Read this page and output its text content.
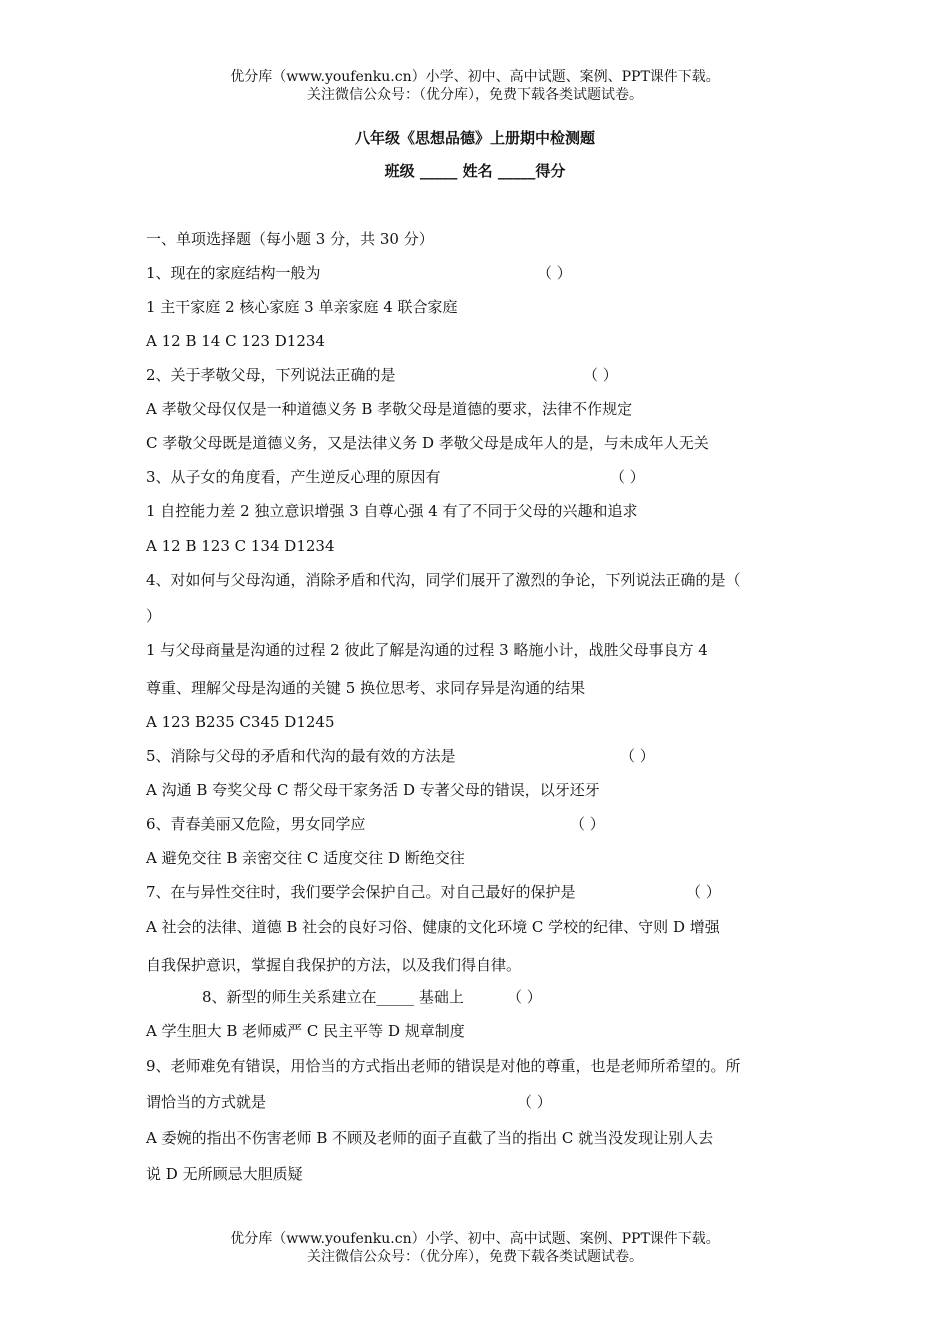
优分库（www.youfenku.cn）小学、初中、高中试题、案例、PPT课件下载。
关注微信公众号：（优分库），免费下载各类试题试卷。
八年级《思想品德》上册期中检测题
班级 _____ 姓名 _____得分
一、单项选择题（每小题 3 分，共 30 分）
1、现在的家庭结构一般为	（ ）
1 主干家庭 2 核心家庭 3 单亲家庭 4 联合家庭
A 12 B 14 C 123 D1234
2、关于孝敬父母，下列说法正确的是	（ ）
A 孝敬父母仅仅是一种道德义务 B 孝敬父母是道德的要求，法律不作规定
C 孝敬父母既是道德义务，又是法律义务 D 孝敬父母是成年人的是，与未成年人无关
3、从子女的角度看，产生逆反心理的原因有	（ ）
1 自控能力差 2 独立意识增强 3 自尊心强 4 有了不同于父母的兴趣和追求
A 12 B 123 C 134 D1234
4、对如何与父母沟通，消除矛盾和代沟，同学们展开了激烈的争论，下列说法正确的是（
）
1 与父母商量是沟通的过程 2 彼此了解是沟通的过程 3 略施小计，战胜父母事良方 4
尊重、理解父母是沟通的关键 5 换位思考、求同存异是沟通的结果
A 123 B235 C345 D1245
5、消除与父母的矛盾和代沟的最有效的方法是	（ ）
A 沟通 B 夸奖父母 C 帮父母干家务活 D 专著父母的错误，以牙还牙
6、青春美丽又危险，男女同学应	（ ）
A 避免交往 B 亲密交往 C 适度交往 D 断绝交往
7、在与异性交往时，我们要学会保护自己。对自己最好的保护是	（ ）
A 社会的法律、道德 B 社会的良好习俗、健康的文化环境 C 学校的纪律、守则 D 增强
自我保护意识，掌握自我保护的方法，以及我们得自律。
8、新型的师生关系建立在_____ 基础上	（ ）
A 学生胆大 B 老师威严 C 民主平等 D 规章制度
9、老师难免有错误，用恰当的方式指出老师的错误是对他的尊重，也是老师所希望的。所
谓恰当的方式就是	（ ）
A 委婉的指出不伤害老师 B 不顾及老师的面子直截了当的指出 C 就当没发现让别人去
说 D 无所顾忌大胆质疑
优分库（www.youfenku.cn）小学、初中、高中试题、案例、PPT课件下载。
关注微信公众号：（优分库），免费下载各类试题试卷。
